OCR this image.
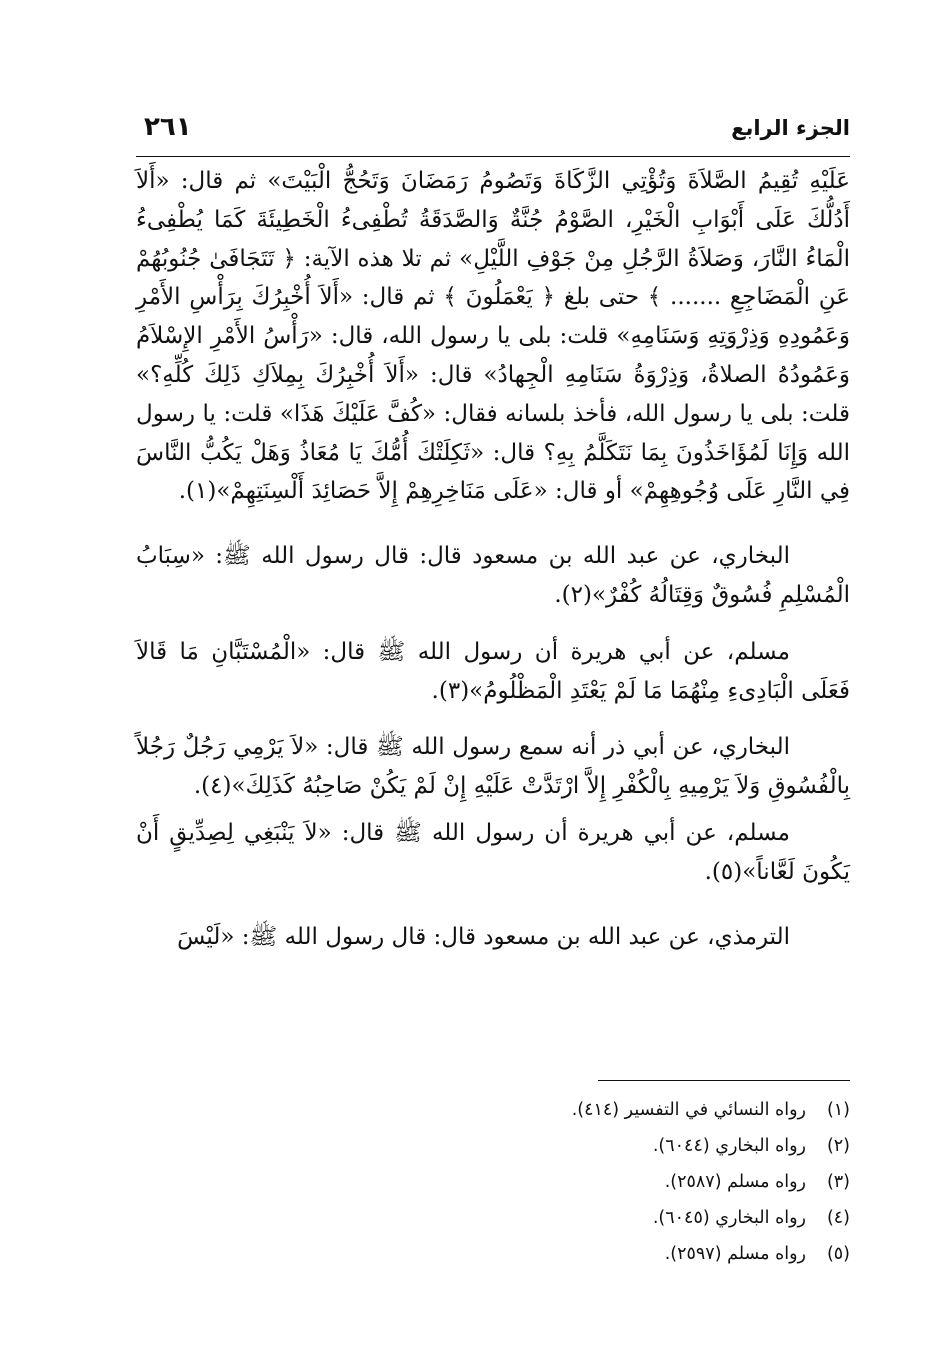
الجزء الرابع
٢٦١

عَلَيْهِ تُقِيمُ الصَّلاَةَ وَتُؤْتِي الزَّكَاةَ وَتَصُومُ رَمَضَانَ وَتَحُجُّ الْبَيْتَ» ثم قال: «أَلاَ أَدُلُّكَ عَلَى أَبْوَابِ الْخَيْرِ، الصَّوْمُ جُنَّةٌ وَالصَّدَقَةُ تُطْفِىءُ الْخَطِيئَةَ كَمَا يُطْفِىءُ الْمَاءُ النَّارَ، وَصَلاَةُ الرَّجُلِ مِنْ جَوْفِ اللَّيْلِ» ثم تلا هذه الآية: ﴿ تَتَجَافَىٰ جُنُوبُهُمْ عَنِ الْمَضَاجِعِ ....... ﴾ حتى بلغ ﴿ يَعْمَلُونَ ﴾ ثم قال: «أَلاَ أُخْبِرُكَ بِرَأْسِ الأَمْرِ وَعَمُودِهِ وَذِرْوَتِهِ وَسَنَامِهِ» قلت: بلى يا رسول الله، قال: «رَأْسُ الأَمْرِ الإِسْلاَمُ وَعَمُودُهُ الصلاةُ، وَذِرْوَةُ سَنَامِهِ الْجِهادُ» قال: «أَلاَ أُخْبِرُكَ بِمِلاَكِ ذَلِكَ كُلِّهِ؟» قلت: بلى يا رسول الله، فأخذ بلسانه فقال: «كُفَّ عَلَيْكَ هَذَا» قلت: يا رسول الله وَإِنَا لَمُؤَاخَذُونَ بِمَا نَتَكَلَّمُ بِهِ؟ قال: «ثَكِلَتْكَ أُمُّكَ يَا مُعَاذُ وَهَلْ يَكُبُّ النَّاسَ فِي النَّارِ عَلَى وُجُوهِهِمْ» أو قال: «عَلَى مَنَاخِرِهِمْ إِلاَّ حَصَائِدَ أَلْسِنَتِهِمْ»(١).

البخاري، عن عبد الله بن مسعود قال: قال رسول الله ﷺ: «سِبَابُ الْمُسْلِمِ فُسُوقٌ وَقِتَالُهُ كُفْرٌ»(٢).

مسلم، عن أبي هريرة أن رسول الله ﷺ قال: «الْمُسْتَبَّانِ مَا قَالاَ فَعَلَى الْبَادِىءِ مِنْهُمَا مَا لَمْ يَعْتَدِ الْمَظْلُومُ»(٣).

البخاري، عن أبي ذر أنه سمع رسول الله ﷺ قال: «لاَ يَرْمِي رَجُلٌ رَجُلاً بِالْفُسُوقِ وَلاَ يَرْمِيهِ بِالْكُفْرِ إِلاَّ ارْتَدَّتْ عَلَيْهِ إِنْ لَمْ يَكُنْ صَاحِبُهُ كَذَلِكَ»(٤).

مسلم، عن أبي هريرة أن رسول الله ﷺ قال: «لاَ يَنْبَغِي لِصِدِّيقٍ أَنْ يَكُونَ لَعَّاناً»(٥).

الترمذي، عن عبد الله بن مسعود قال: قال رسول الله ﷺ: «لَيْسَ

(١)
رواه النسائي في التفسير (٤١٤).
(٢)
رواه البخاري (٦٠٤٤).
(٣)
رواه مسلم (٢٥٨٧).
(٤)
رواه البخاري (٦٠٤٥).
(٥)
رواه مسلم (٢٥٩٧).
